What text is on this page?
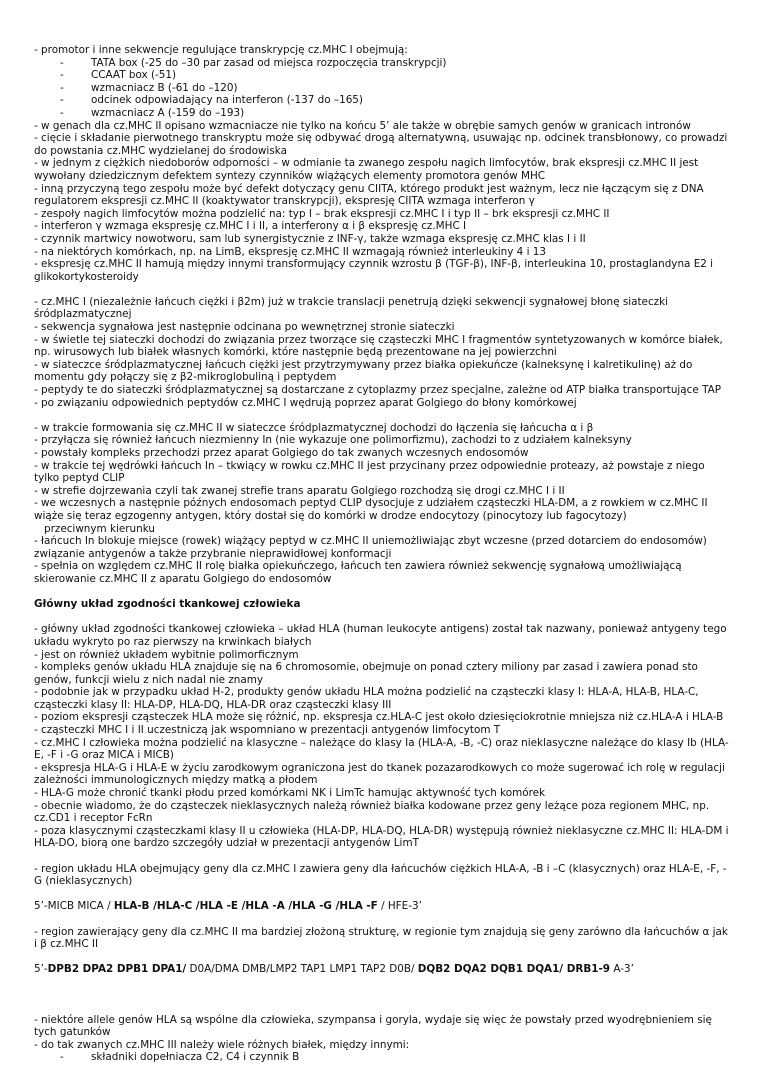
- promotor i inne sekwencje regulujące transkrypcję cz.MHC I obejmują:

- TATA box (-25 do –30 par zasad od miejsca rozpoczęcia transkrypcji)

- CCAAT box (-51)

- wzmacniacz B (-61 do –120)

- odcinek odpowiadający na interferon (-137 do –165)

- wzmacniacz A (-159 do –193)

- w genach dla cz.MHC II opisano wzmacniacze nie tylko na końcu 5’ ale także w obrębie samych genów w granicach intronów

- cięcie i składanie pierwotnego transkryptu może się odbywać drogą alternatywną, usuwając np. odcinek transbłonowy, co prowadzi do powstania cz.MHC wydzielanej do środowiska

- w jednym z ciężkich niedoborów odporności – w odmianie ta zwanego zespołu nagich limfocytów, brak ekspresji cz.MHC II jest wywołany dziedzicznym defektem syntezy czynników wiążących elementy promotora genów MHC

- inną przyczyną tego zespołu może być defekt dotyczący genu CIITA, którego produkt jest ważnym, lecz nie łączącym się z DNA regulatorem ekspresji cz.MHC II (koaktywator transkrypcji), ekspresję CIITA wzmaga interferon γ

- zespoły nagich limfocytów można podzielić na: typ I – brak ekspresji cz.MHC I i typ II – brk ekspresji cz.MHC II

- interferon γ wzmaga ekspresję cz.MHC I i II, a interferony α i β ekspresję cz.MHC I

- czynnik martwicy nowotworu, sam lub synergistycznie z INF-γ, także wzmaga ekspresję cz.MHC klas I i II

- na niektórych komórkach, np. na LimB, ekspresję cz.MHC II wzmagają również interleukiny 4 i 13

- ekspresję cz.MHC II hamują między innymi transformujący czynnik wzrostu β (TGF-β), INF-β, interleukina 10, prostaglandyna E2 i glikokortykosteroidy

- cz.MHC I (niezależnie łańcuch ciężki i β2m) już w trakcie translacji penetrują dzięki sekwencji sygnałowej błonę siateczki śródplazmatycznej

- sekwencja sygnałowa jest następnie odcinana po wewnętrznej stronie siateczki

- w świetle tej siateczki dochodzi do związania przez tworzące się cząsteczki MHC I fragmentów syntetyzowanych w komórce białek, np. wirusowych lub białek własnych komórki, które następnie będą prezentowane na jej powierzchni

- w siateczce śródplazmatycznej łańcuch ciężki jest przytrzymywany przez białka opiekuńcze (kalneksynę i kalretikulinę) aż do momentu gdy połączy się z β2-mikroglobuliną i peptydem

- peptydy te do siateczki śródplazmatycznej są dostarczane z cytoplazmy przez specjalne, zależne od ATP białka transportujące TAP

- po związaniu odpowiednich peptydów cz.MHC I wędrują poprzez aparat Golgiego do błony komórkowej

- w trakcie formowania się cz.MHC II w siateczce śródplazmatycznej dochodzi do łączenia się łańcucha α i β

- przyłącza się również łańcuch niezmienny In (nie wykazuje one polimorfizmu), zachodzi to z udziałem kalneksyny

- powstały kompleks przechodzi przez aparat Golgiego do tak zwanych wczesnych endosomów

- w trakcie tej wędrówki łańcuch In – tkwiący w rowku cz.MHC II jest przycinany przez odpowiednie proteazy, aż powstaje z niego tylko peptyd CLIP

- w strefie dojrzewania czyli tak zwanej strefie trans aparatu Golgiego rozchodzą się drogi cz.MHC I i II

- we wczesnych a następnie późnych endosomach peptyd CLIP dysocjuje z udziałem cząsteczki HLA-DM, a z rowkiem w cz.MHC II wiąże się teraz egzogenny antygen, który dostał się do komórki w drodze endocytozy (pinocytozy lub fagocytozy)

przeciwnym kierunku

- łańcuch In blokuje miejsce (rowek) wiążący peptyd w cz.MHC II uniemożliwiając zbyt wczesne (przed dotarciem do endosomów) związanie antygenów a także przybranie nieprawidłowej konformacji

- spełnia on względem cz.MHC II rolę białka opiekuńczego, łańcuch ten zawiera również sekwencję sygnałową umożliwiającą skierowanie cz.MHC II z aparatu Golgiego do endosomów

Główny układ zgodności tkankowej człowieka

- główny układ zgodności tkankowej człowieka – układ HLA (human leukocyte antigens) został tak nazwany, ponieważ antygeny tego układu wykryto po raz pierwszy na krwinkach białych

- jest on również układem wybitnie polimorficznym

- kompleks genów układu HLA znajduje się na 6 chromosomie, obejmuje on ponad cztery miliony par zasad i zawiera ponad sto genów, funkcji wielu z nich nadal nie znamy

- podobnie jak w przypadku układ H-2, produkty genów układu HLA można podzielić na cząsteczki klasy I: HLA-A, HLA-B, HLA-C, cząsteczki klasy II: HLA-DP, HLA-DQ, HLA-DR oraz cząsteczki klasy III

- poziom ekspresji cząsteczek HLA może się różnić, np. ekspresja cz.HLA-C jest około dziesięciokrotnie mniejsza niż cz.HLA-A i HLA-B

- cząsteczki MHC I i II uczestniczą jak wspomniano w prezentacji antygenów limfocytom T

- cz.MHC I człowieka można podzielić na klasyczne – należące do klasy Ia (HLA-A, -B, -C) oraz nieklasyczne należące do klasy Ib (HLA-E, -F i -G oraz MICA i MICB)

- ekspresja HLA-G i HLA-E w życiu zarodkowym ograniczona jest do tkanek pozazarodkowych co może sugerować ich rolę w regulacji zależności immunologicznych między matką a płodem

- HLA-G może chronić tkanki płodu przed komórkami NK i LimTc hamując aktywność tych komórek

- obecnie wiadomo, że do cząsteczek nieklasycznych należą również białka kodowane przez geny leżące poza regionem MHC, np. cz.CD1 i receptor FcRn

- poza klasycznymi cząsteczkami klasy II u człowieka (HLA-DP, HLA-DQ, HLA-DR) występują również nieklasyczne cz.MHC II: HLA-DM i HLA-DO, biorą one bardzo szczegóły udział w prezentacji antygenów LimT

- region układu HLA obejmujący geny dla cz.MHC I zawiera geny dla łańcuchów ciężkich HLA-A, -B i –C (klasycznych) oraz HLA-E, -F, -G (nieklasycznych)

5’-MICB MICA / HLA-B /HLA-C /HLA -E /HLA -A /HLA -G /HLA -F / HFE-3’

- region zawierający geny dla cz.MHC II ma bardziej złożoną strukturę, w regionie tym znajdują się geny zarówno dla łańcuchów α jak i β cz.MHC II

5’-DPB2 DPA2 DPB1 DPA1/ D0A/DMA DMB/LMP2 TAP1 LMP1 TAP2 D0B/ DQB2 DQA2 DQB1 DQA1/ DRB1-9 A-3’

- niektóre allele genów HLA są wspólne dla człowieka, szympansa i goryla, wydaje się więc że powstały przed wyodrębnieniem się tych gatunków

- do tak zwanych cz.MHC III należy wiele różnych białek, między innymi:

- składniki dopełniacza C2, C4 i czynnik B
